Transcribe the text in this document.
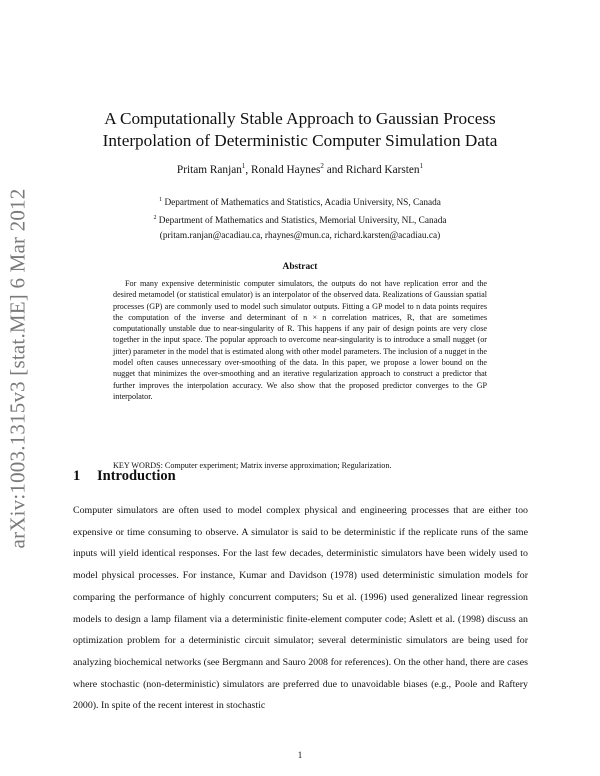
arXiv:1003.1315v3 [stat.ME] 6 Mar 2012
A Computationally Stable Approach to Gaussian Process
Interpolation of Deterministic Computer Simulation Data
Pritam Ranjan$^1$, Ronald Haynes$^2$ and Richard Karsten$^1$
$^1$ Department of Mathematics and Statistics, Acadia University, NS, Canada
$^2$ Department of Mathematics and Statistics, Memorial University, NL, Canada
(pritam.ranjan@acadiau.ca, rhaynes@mun.ca, richard.karsten@acadiau.ca)
Abstract
For many expensive deterministic computer simulators, the outputs do not have replication error and the desired metamodel (or statistical emulator) is an interpolator of the observed data. Realizations of Gaussian spatial processes (GP) are commonly used to model such simulator outputs. Fitting a GP model to n data points requires the computation of the inverse and determinant of n × n correlation matrices, R, that are sometimes computationally unstable due to near-singularity of R. This happens if any pair of design points are very close together in the input space. The popular approach to overcome near-singularity is to introduce a small nugget (or jitter) parameter in the model that is estimated along with other model parameters. The inclusion of a nugget in the model often causes unnecessary over-smoothing of the data. In this paper, we propose a lower bound on the nugget that minimizes the over-smoothing and an iterative regularization approach to construct a predictor that further improves the interpolation accuracy. We also show that the proposed predictor converges to the GP interpolator.
KEY WORDS: Computer experiment; Matrix inverse approximation; Regularization.
1 Introduction
Computer simulators are often used to model complex physical and engineering processes that are either too expensive or time consuming to observe. A simulator is said to be deterministic if the replicate runs of the same inputs will yield identical responses. For the last few decades, deterministic simulators have been widely used to model physical processes. For instance, Kumar and Davidson (1978) used deterministic simulation models for comparing the performance of highly concurrent computers; Su et al. (1996) used generalized linear regression models to design a lamp filament via a deterministic finite-element computer code; Aslett et al. (1998) discuss an optimization problem for a deterministic circuit simulator; several deterministic simulators are being used for analyzing biochemical networks (see Bergmann and Sauro 2008 for references). On the other hand, there are cases where stochastic (non-deterministic) simulators are preferred due to unavoidable biases (e.g., Poole and Raftery 2000). In spite of the recent interest in stochastic
1
